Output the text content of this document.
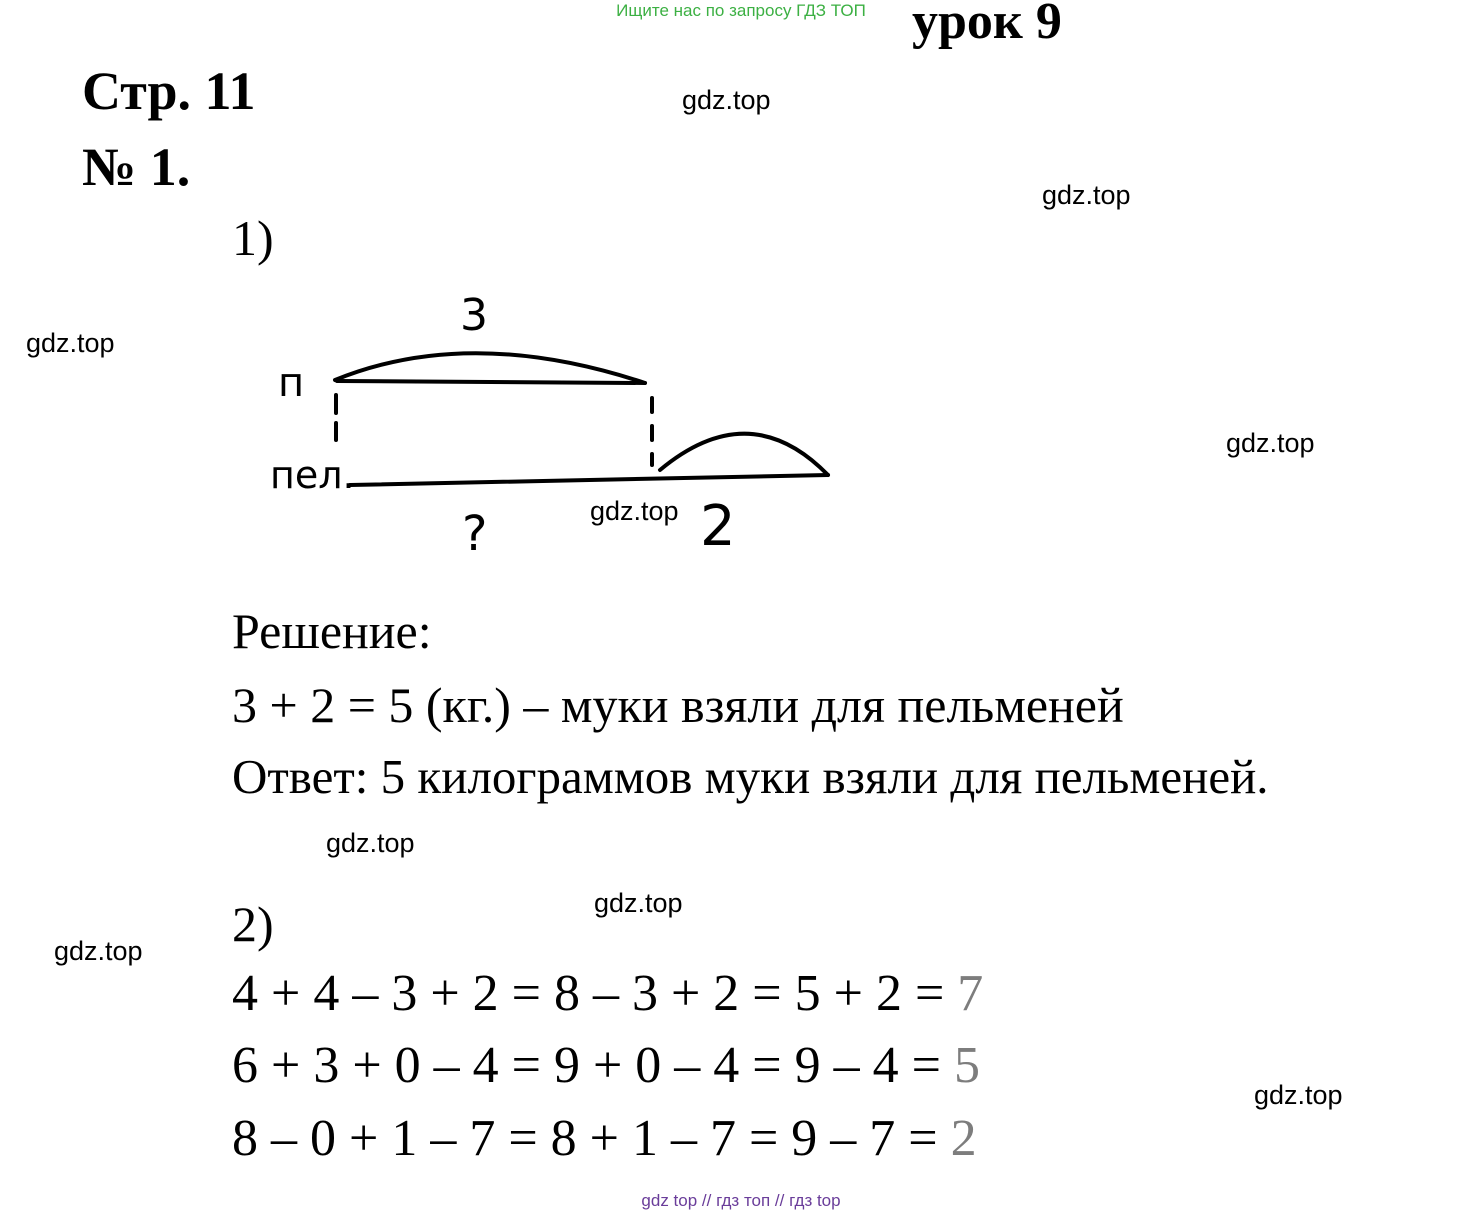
Ищите нас по запросу ГДЗ ТОП урок 9
Стр. 11
№ 1.
1)
п
пел.
3
2
?
Решение:
3 + 2 = 5 (кг.) – муки взяли для пельменей
Ответ: 5 килограммов муки взяли для пельменей.
2)
4 + 4 – 3 + 2 = 8 – 3 + 2 = 5 + 2 = 7
6 + 3 + 0 – 4 = 9 + 0 – 4 = 9 – 4 = 5
8 – 0 + 1 – 7 = 8 + 1 – 7 = 9 – 7 = 2
gdz.top
gdz.top
gdz.top
gdz.top
gdz.top
gdz.top
gdz.top
gdz.top
gdz.top
gdz top // гдз топ // гдз top
